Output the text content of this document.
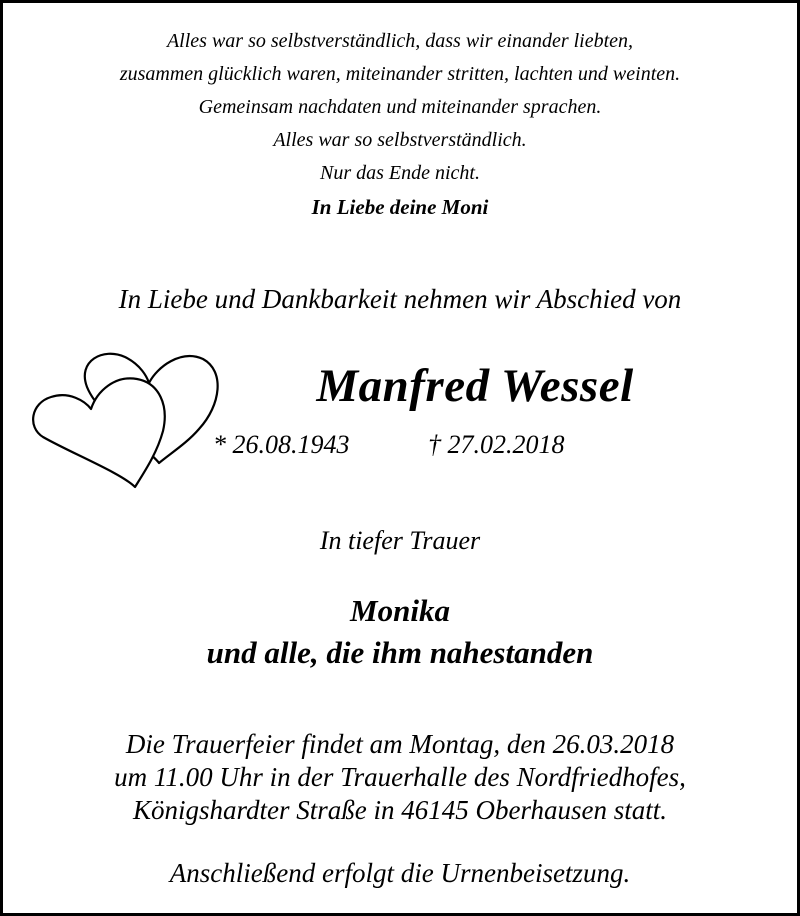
Alles war so selbstverständlich, dass wir einander liebten,
zusammen glücklich waren, miteinander stritten, lachten und weinten.
Gemeinsam nachdaten und miteinander sprachen.
Alles war so selbstverständlich.
Nur das Ende nicht.
In Liebe deine Moni
In Liebe und Dankbarkeit nehmen wir Abschied von
Manfred Wessel
* 26.08.1943	† 27.02.2018
In tiefer Trauer
Monika
und alle, die ihm nahestanden
Die Trauerfeier findet am Montag, den 26.03.2018
um 11.00 Uhr in der Trauerhalle des Nordfriedhofes,
Königshardter Straße in 46145 Oberhausen statt.
Anschließend erfolgt die Urnenbeisetzung.
